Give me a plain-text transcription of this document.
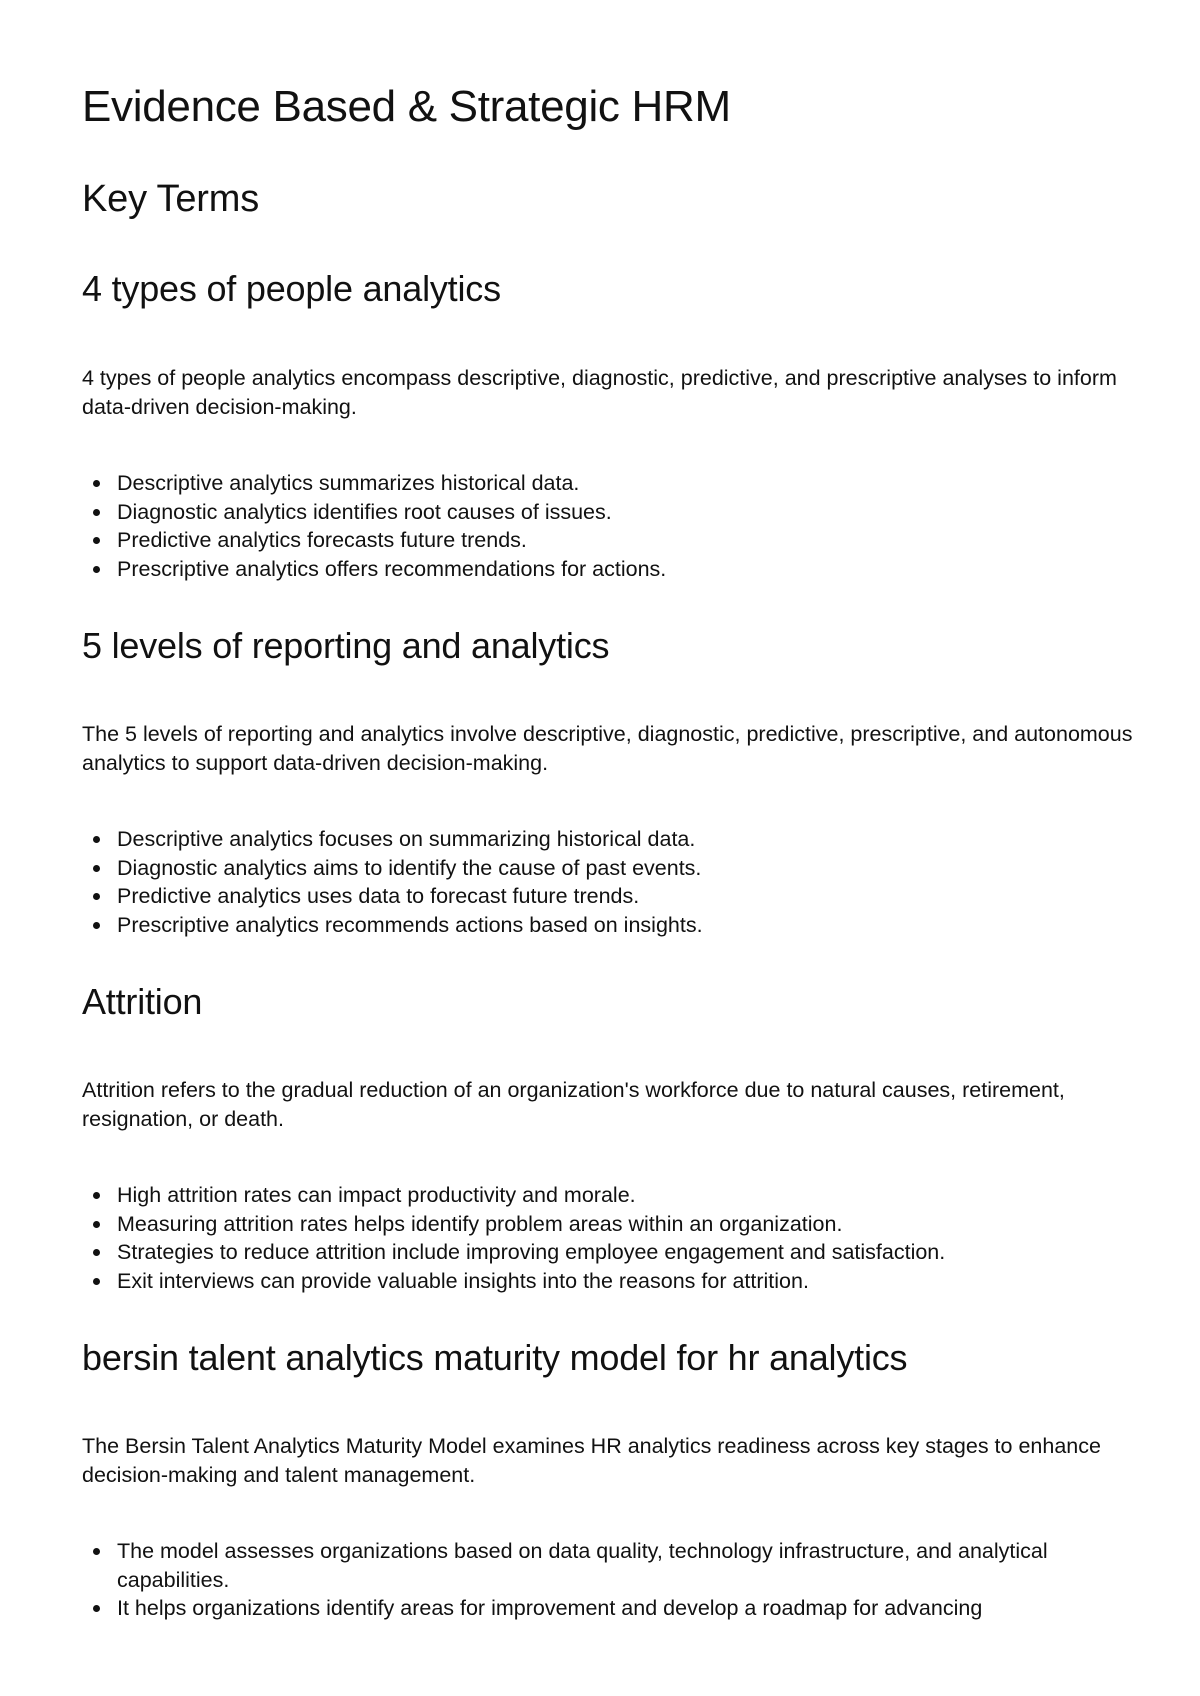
Evidence Based & Strategic HRM
Key Terms
4 types of people analytics

4 types of people analytics encompass descriptive, diagnostic, predictive, and prescriptive analyses to inform data-driven decision-making.

Descriptive analytics summarizes historical data.
Diagnostic analytics identifies root causes of issues.
Predictive analytics forecasts future trends.
Prescriptive analytics offers recommendations for actions.
5 levels of reporting and analytics

The 5 levels of reporting and analytics involve descriptive, diagnostic, predictive, prescriptive, and autonomous analytics to support data-driven decision-making.

Descriptive analytics focuses on summarizing historical data.
Diagnostic analytics aims to identify the cause of past events.
Predictive analytics uses data to forecast future trends.
Prescriptive analytics recommends actions based on insights.
Attrition

Attrition refers to the gradual reduction of an organization's workforce due to natural causes, retirement, resignation, or death.

High attrition rates can impact productivity and morale.
Measuring attrition rates helps identify problem areas within an organization.
Strategies to reduce attrition include improving employee engagement and satisfaction.
Exit interviews can provide valuable insights into the reasons for attrition.
bersin talent analytics maturity model for hr analytics

The Bersin Talent Analytics Maturity Model examines HR analytics readiness across key stages to enhance decision-making and talent management.

The model assesses organizations based on data quality, technology infrastructure, and analytical capabilities.
It helps organizations identify areas for improvement and develop a roadmap for advancing
